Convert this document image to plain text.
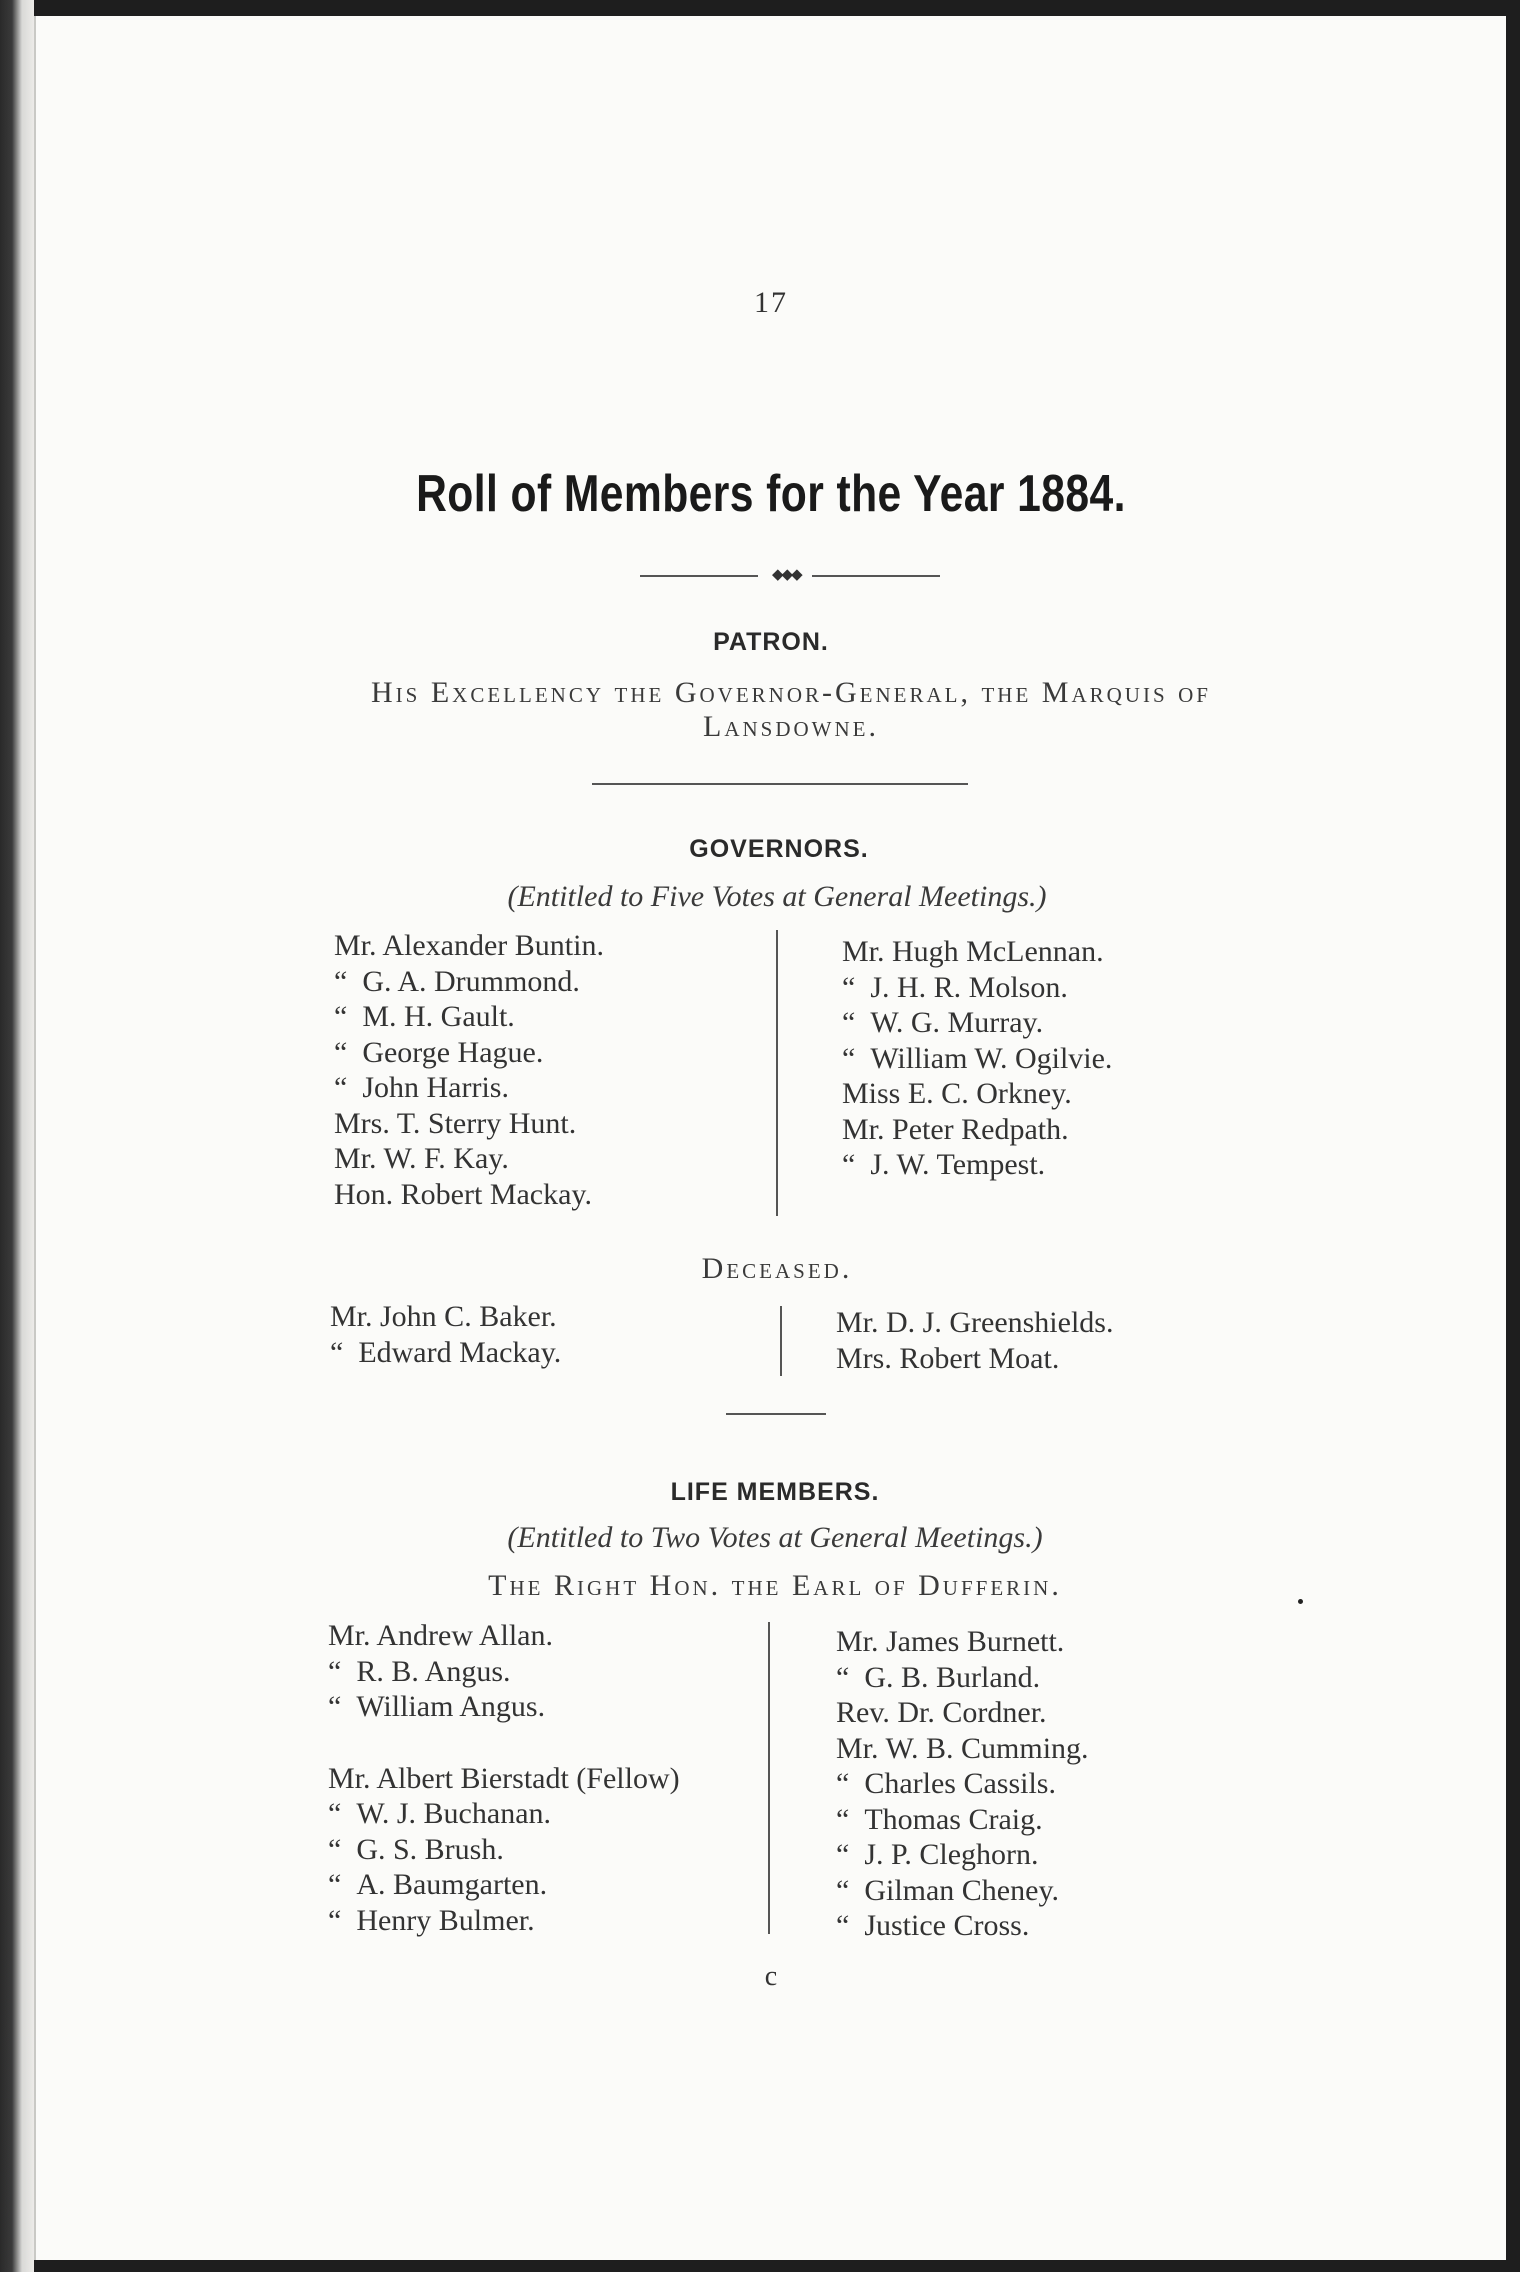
17
Roll of Members for the Year 1884.
◆◆◆
PATRON.
His Excellency the Governor-General, the Marquis of
Lansdowne.
GOVERNORS.
(Entitled to Five Votes at General Meetings.)
Mr. Alexander Buntin.
“ G. A. Drummond.
“ M. H. Gault.
“ George Hague.
“ John Harris.
Mrs. T. Sterry Hunt.
Mr. W. F. Kay.
Hon. Robert Mackay.
Mr. Hugh McLennan.
“ J. H. R. Molson.
“ W. G. Murray.
“ William W. Ogilvie.
Miss E. C. Orkney.
Mr. Peter Redpath.
“ J. W. Tempest.
Deceased.
Mr. John C. Baker.
“ Edward Mackay.
Mr. D. J. Greenshields.
Mrs. Robert Moat.
LIFE MEMBERS.
(Entitled to Two Votes at General Meetings.)
The Right Hon. the Earl of Dufferin.
Mr. Andrew Allan.
“ R. B. Angus.
“ William Angus.
Mr. Albert Bierstadt (Fellow)
“ W. J. Buchanan.
“ G. S. Brush.
“ A. Baumgarten.
“ Henry Bulmer.
Mr. James Burnett.
“ G. B. Burland.
Rev. Dr. Cordner.
Mr. W. B. Cumming.
“ Charles Cassils.
“ Thomas Craig.
“ J. P. Cleghorn.
“ Gilman Cheney.
“ Justice Cross.
c
